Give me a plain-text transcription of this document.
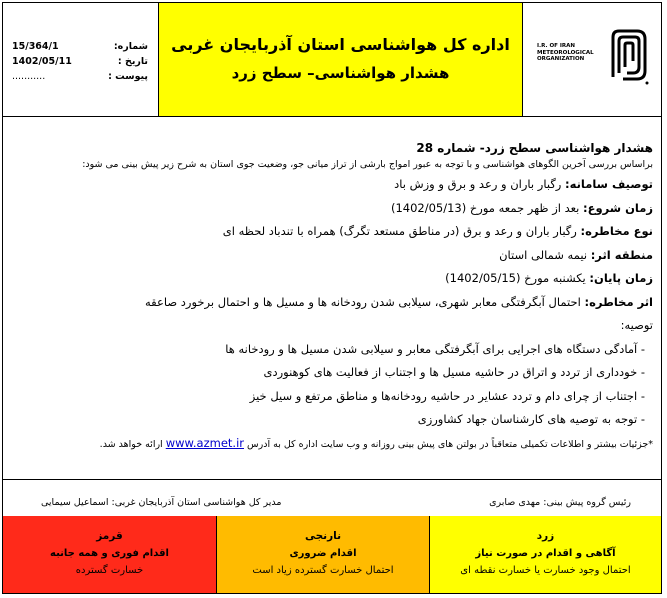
شماره:
15/364/1
تاریخ :
1402/05/11
پیوست :
...........
اداره کل هواشناسی استان آذربایجان غربی
هشدار هواشناسی– سطح زرد
I.R. OF IRAN
METEOROLOGICAL
ORGANIZATION
هشدار هواشناسی سطح زرد- شماره 28
براساس بررسی آخرین الگوهای هواشناسی و با توجه به عبور امواج بارشی از تراز میانی جو، وضعیت جوی استان به شرح زیر پیش بینی می شود:
توصیف سامانه: رگبار باران و رعد و برق و وزش باد
زمان شروع: بعد از ظهر جمعه مورخ (1402/05/13)
نوع مخاطره: رگبار باران و رعد و برق (در مناطق مستعد تگرگ) همراه با تندباد لحظه ای
منطقه اثر: نیمه شمالی استان
زمان پایان: یکشنبه مورخ (1402/05/15)
اثر مخاطره: احتمال آبگرفتگی معابر شهری، سیلابی شدن رودخانه ها و مسیل ها و احتمال برخورد صاعقه
توصیه:
- آمادگی دستگاه های اجرایی برای آبگرفتگی معابر و سیلابی شدن مسیل ها و رودخانه ها
- خودداری از تردد و اتراق در حاشیه مسیل ها و اجتناب از فعالیت های کوهنوردی
- اجتناب از چرای دام و تردد عشایر در حاشیه رودخانه‌ها و مناطق مرتفع و سیل خیز
- توجه به توصیه های کارشناسان جهاد کشاورزی
*جزئیات بیشتر و اطلاعات تکمیلی متعاقباً در بولتن های پیش بینی روزانه و وب سایت اداره کل به آدرس www.azmet.ir ارائه خواهد شد.
مدیر کل هواشناسی استان آذربایجان غربی: اسماعیل سیمایی	رئیس گروه پیش بینی: مهدی صابری
قرمز
اقدام فوری و همه جانبه
خسارت گسترده
نارنجی
اقدام ضروری
احتمال خسارت گسترده زیاد است
زرد
آگاهی و اقدام در صورت نیاز
احتمال وجود خسارت یا خسارت نقطه ای
